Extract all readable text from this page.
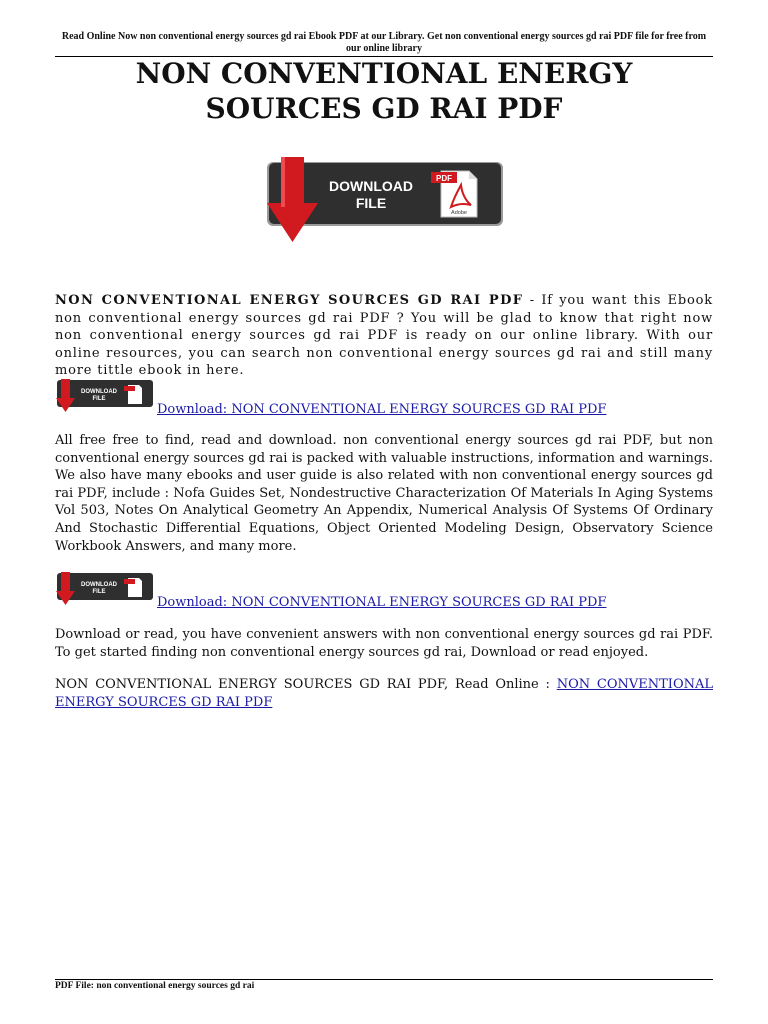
Read Online Now non conventional energy sources gd rai Ebook PDF at our Library. Get non conventional energy sources gd rai PDF file for free from our online library
NON CONVENTIONAL ENERGY SOURCES GD RAI PDF
DOWNLOAD
FILE
PDF
Adobe

NON CONVENTIONAL ENERGY SOURCES GD RAI PDF - If you want this Ebook non conventional energy sources gd rai PDF ? You will be glad to know that right now non conventional energy sources gd rai PDF is ready on our online library. With our online resources, you can search non conventional energy sources gd rai and still many more tittle ebook in here.

DOWNLOAD
FILE
Download: NON CONVENTIONAL ENERGY SOURCES GD RAI PDF

All free free to find, read and download. non conventional energy sources gd rai PDF, but non conventional energy sources gd rai is packed with valuable instructions, information and warnings. We also have many ebooks and user guide is also related with non conventional energy sources gd rai PDF, include : Nofa Guides Set, Nondestructive Characterization Of Materials In Aging Systems Vol 503, Notes On Analytical Geometry An Appendix, Numerical Analysis Of Systems Of Ordinary And Stochastic Differential Equations, Object Oriented Modeling Design, Observatory Science Workbook Answers, and many more.

DOWNLOAD
FILE
Download: NON CONVENTIONAL ENERGY SOURCES GD RAI PDF

Download or read, you have convenient answers with non conventional energy sources gd rai PDF. To get started finding non conventional energy sources gd rai, Download or read enjoyed.

NON CONVENTIONAL ENERGY SOURCES GD RAI PDF, Read Online : NON CONVENTIONAL ENERGY SOURCES GD RAI PDF

PDF File: non conventional energy sources gd rai
